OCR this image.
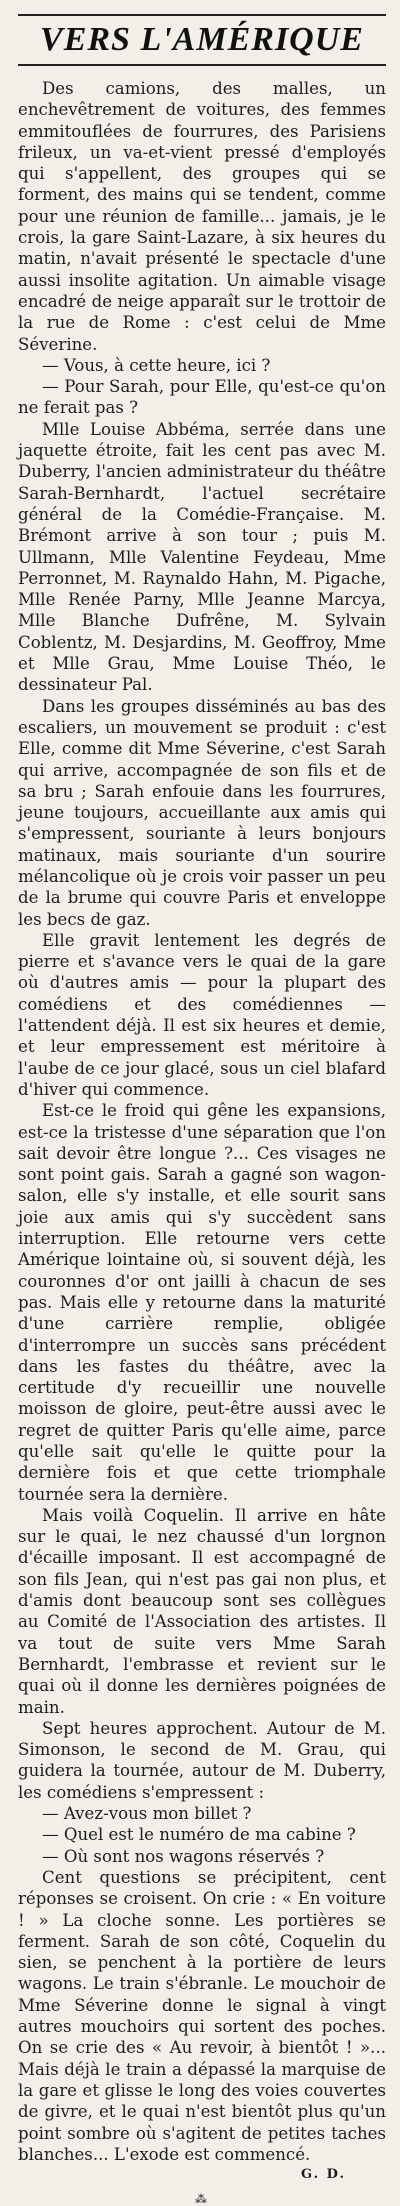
VERS L'AMÉRIQUE

Des camions, des malles, un enchevêtrement de voitures, des femmes emmitouflées de fourrures, des Parisiens frileux, un va-et-vient pressé d'employés qui s'appellent, des groupes qui se forment, des mains qui se tendent, comme pour une réunion de famille... jamais, je le crois, la gare Saint-Lazare, à six heures du matin, n'avait présenté le spectacle d'une aussi insolite agitation. Un aimable visage encadré de neige apparaît sur le trottoir de la rue de Rome : c'est celui de Mme Séverine.

— Vous, à cette heure, ici ?

— Pour Sarah, pour Elle, qu'est-ce qu'on ne ferait pas ?

Mlle Louise Abbéma, serrée dans une jaquette étroite, fait les cent pas avec M. Duberry, l'ancien administrateur du théâtre Sarah-Bernhardt, l'actuel secrétaire général de la Comédie-Française. M. Brémont arrive à son tour ; puis M. Ullmann, Mlle Valentine Feydeau, Mme Perronnet, M. Raynaldo Hahn, M. Pigache, Mlle Renée Parny, Mlle Jeanne Marcya, Mlle Blanche Dufrêne, M. Sylvain Coblentz, M. Desjardins, M. Geoffroy, Mme et Mlle Grau, Mme Louise Théo, le dessinateur Pal.

Dans les groupes disséminés au bas des escaliers, un mouvement se produit : c'est Elle, comme dit Mme Séverine, c'est Sarah qui arrive, accompagnée de son fils et de sa bru ; Sarah enfouie dans les fourrures, jeune toujours, accueillante aux amis qui s'empressent, souriante à leurs bonjours matinaux, mais souriante d'un sourire mélancolique où je crois voir passer un peu de la brume qui couvre Paris et enveloppe les becs de gaz.

Elle gravit lentement les degrés de pierre et s'avance vers le quai de la gare où d'autres amis — pour la plupart des comédiens et des comédiennes — l'attendent déjà. Il est six heures et demie, et leur empressement est méritoire à l'aube de ce jour glacé, sous un ciel blafard d'hiver qui commence.

Est-ce le froid qui gêne les expansions, est-ce la tristesse d'une séparation que l'on sait devoir être longue ?... Ces visages ne sont point gais. Sarah a gagné son wagon-salon, elle s'y installe, et elle sourit sans joie aux amis qui s'y succèdent sans interruption. Elle retourne vers cette Amérique lointaine où, si souvent déjà, les couronnes d'or ont jailli à chacun de ses pas. Mais elle y retourne dans la maturité d'une carrière remplie, obligée d'interrompre un succès sans précédent dans les fastes du théâtre, avec la certitude d'y recueillir une nouvelle moisson de gloire, peut-être aussi avec le regret de quitter Paris qu'elle aime, parce qu'elle sait qu'elle le quitte pour la dernière fois et que cette triomphale tournée sera la dernière.

Mais voilà Coquelin. Il arrive en hâte sur le quai, le nez chaussé d'un lorgnon d'écaille imposant. Il est accompagné de son fils Jean, qui n'est pas gai non plus, et d'amis dont beaucoup sont ses collègues au Comité de l'Association des artistes. Il va tout de suite vers Mme Sarah Bernhardt, l'embrasse et revient sur le quai où il donne les dernières poignées de main.

Sept heures approchent. Autour de M. Simonson, le second de M. Grau, qui guidera la tournée, autour de M. Duberry, les comédiens s'empressent :

— Avez-vous mon billet ?

— Quel est le numéro de ma cabine ?

— Où sont nos wagons réservés ?

Cent questions se précipitent, cent réponses se croisent. On crie : « En voiture ! » La cloche sonne. Les portières se ferment. Sarah de son côté, Coquelin du sien, se penchent à la portière de leurs wagons. Le train s'ébranle. Le mouchoir de Mme Séverine donne le signal à vingt autres mouchoirs qui sortent des poches. On se crie des « Au revoir, à bientôt ! »... Mais déjà le train a dépassé la marquise de la gare et glisse le long des voies couvertes de givre, et le quai n'est bientôt plus qu'un point sombre où s'agitent de petites taches blanches... L'exode est commencé.

G. D.
⁂
